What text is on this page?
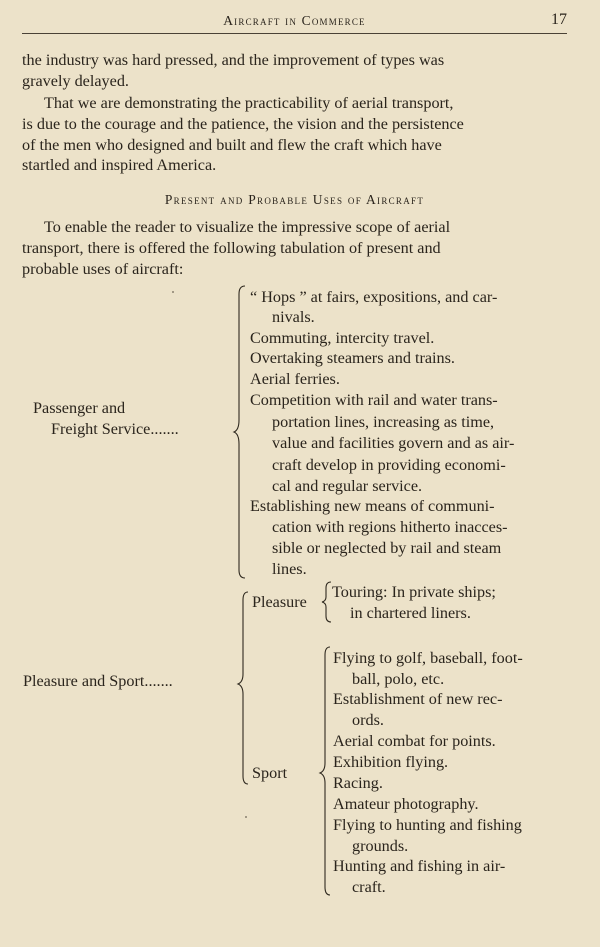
Aircraft in Commerce	17

the industry was hard pressed, and the improvement of types was
gravely delayed.

That we are demonstrating the practicability of aerial transport,
is due to the courage and the patience, the vision and the persistence
of the men who designed and built and flew the craft which have
startled and inspired America.

Present and Probable Uses of Aircraft

To enable the reader to visualize the impressive scope of aerial
transport, there is offered the following tabulation of present and
probable uses of aircraft:

Passenger and
Freight Service.......
“ Hops ” at fairs, expositions, and car-
nivals.
Commuting, intercity travel.
Overtaking steamers and trains.
Aerial ferries.
Competition with rail and water trans-
portation lines, increasing as time,
value and facilities govern and as air-
craft develop in providing economi-
cal and regular service.
Establishing new means of communi-
cation with regions hitherto inacces-
sible or neglected by rail and steam
lines.
Pleasure and Sport.......
Pleasure
Touring: In private ships;
in chartered liners.
Sport
Flying to golf, baseball, foot-
ball, polo, etc.
Establishment of new rec-
ords.
Aerial combat for points.
Exhibition flying.
Racing.
Amateur photography.
Flying to hunting and fishing
grounds.
Hunting and fishing in air-
craft.
